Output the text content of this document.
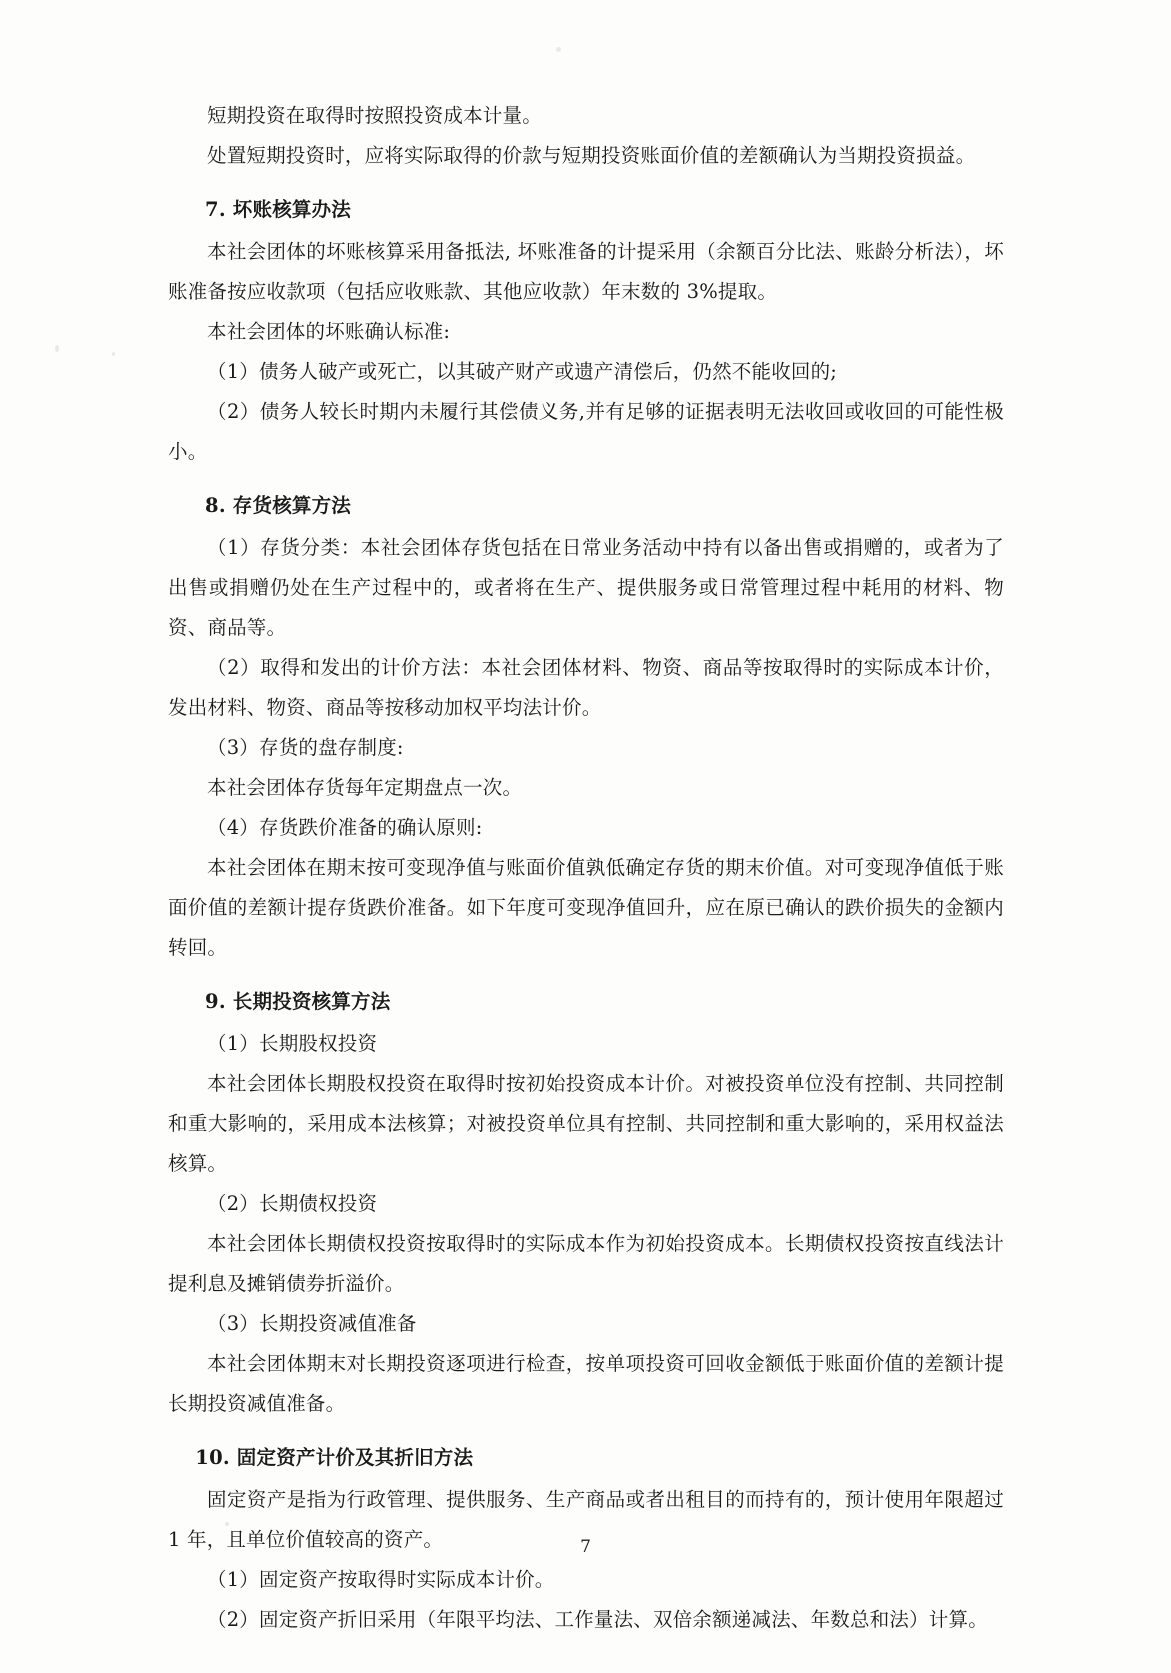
短期投资在取得时按照投资成本计量。

处置短期投资时，应将实际取得的价款与短期投资账面价值的差额确认为当期投资损益。

7. 坏账核算办法

本社会团体的坏账核算采用备抵法, 坏账准备的计提采用（余额百分比法、账龄分析法），坏账准备按应收款项（包括应收账款、其他应收款）年末数的 3%提取。

本社会团体的坏账确认标准:

（1）债务人破产或死亡，以其破产财产或遗产清偿后，仍然不能收回的;

（2）债务人较长时期内未履行其偿债义务,并有足够的证据表明无法收回或收回的可能性极小。

8. 存货核算方法

（1）存货分类：本社会团体存货包括在日常业务活动中持有以备出售或捐赠的，或者为了出售或捐赠仍处在生产过程中的，或者将在生产、提供服务或日常管理过程中耗用的材料、物资、商品等。

（2）取得和发出的计价方法：本社会团体材料、物资、商品等按取得时的实际成本计价，发出材料、物资、商品等按移动加权平均法计价。

（3）存货的盘存制度:

本社会团体存货每年定期盘点一次。

（4）存货跌价准备的确认原则:

本社会团体在期末按可变现净值与账面价值孰低确定存货的期末价值。对可变现净值低于账面价值的差额计提存货跌价准备。如下年度可变现净值回升，应在原已确认的跌价损失的金额内转回。

9. 长期投资核算方法

（1）长期股权投资

本社会团体长期股权投资在取得时按初始投资成本计价。对被投资单位没有控制、共同控制和重大影响的，采用成本法核算；对被投资单位具有控制、共同控制和重大影响的，采用权益法核算。

（2）长期债权投资

本社会团体长期债权投资按取得时的实际成本作为初始投资成本。长期债权投资按直线法计提利息及摊销债券折溢价。

（3）长期投资减值准备

本社会团体期末对长期投资逐项进行检查，按单项投资可回收金额低于账面价值的差额计提长期投资减值准备。

10. 固定资产计价及其折旧方法

固定资产是指为行政管理、提供服务、生产商品或者出租目的而持有的，预计使用年限超过 1 年，且单位价值较高的资产。

（1）固定资产按取得时实际成本计价。

（2）固定资产折旧采用（年限平均法、工作量法、双倍余额递减法、年数总和法）计算。

7
